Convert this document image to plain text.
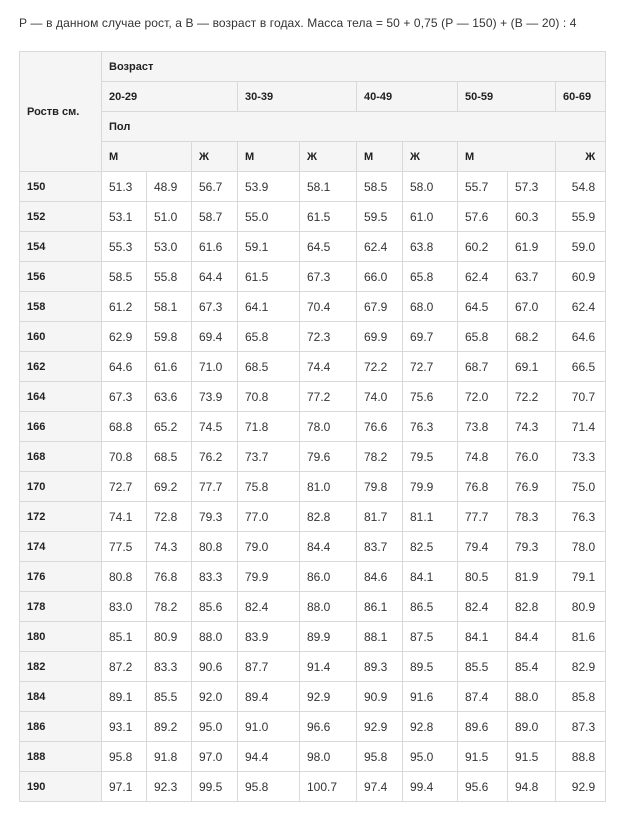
Р — в данном случае рост, а В — возраст в годах. Масса тела = 50 + 0,75 (Р — 150) + (В — 20) : 4
Роств см.	Возраст									
	20-29			30-39		40-49		50-59		60-69
	Пол									
	М		Ж	М	Ж	М	Ж	М		Ж
150	51.3	48.9	56.7	53.9	58.1	58.5	58.0	55.7	57.3	54.8
152	53.1	51.0	58.7	55.0	61.5	59.5	61.0	57.6	60.3	55.9
154	55.3	53.0	61.6	59.1	64.5	62.4	63.8	60.2	61.9	59.0
156	58.5	55.8	64.4	61.5	67.3	66.0	65.8	62.4	63.7	60.9
158	61.2	58.1	67.3	64.1	70.4	67.9	68.0	64.5	67.0	62.4
160	62.9	59.8	69.4	65.8	72.3	69.9	69.7	65.8	68.2	64.6
162	64.6	61.6	71.0	68.5	74.4	72.2	72.7	68.7	69.1	66.5
164	67.3	63.6	73.9	70.8	77.2	74.0	75.6	72.0	72.2	70.7
166	68.8	65.2	74.5	71.8	78.0	76.6	76.3	73.8	74.3	71.4
168	70.8	68.5	76.2	73.7	79.6	78.2	79.5	74.8	76.0	73.3
170	72.7	69.2	77.7	75.8	81.0	79.8	79.9	76.8	76.9	75.0
172	74.1	72.8	79.3	77.0	82.8	81.7	81.1	77.7	78.3	76.3
174	77.5	74.3	80.8	79.0	84.4	83.7	82.5	79.4	79.3	78.0
176	80.8	76.8	83.3	79.9	86.0	84.6	84.1	80.5	81.9	79.1
178	83.0	78.2	85.6	82.4	88.0	86.1	86.5	82.4	82.8	80.9
180	85.1	80.9	88.0	83.9	89.9	88.1	87.5	84.1	84.4	81.6
182	87.2	83.3	90.6	87.7	91.4	89.3	89.5	85.5	85.4	82.9
184	89.1	85.5	92.0	89.4	92.9	90.9	91.6	87.4	88.0	85.8
186	93.1	89.2	95.0	91.0	96.6	92.9	92.8	89.6	89.0	87.3
188	95.8	91.8	97.0	94.4	98.0	95.8	95.0	91.5	91.5	88.8
190	97.1	92.3	99.5	95.8	100.7	97.4	99.4	95.6	94.8	92.9
